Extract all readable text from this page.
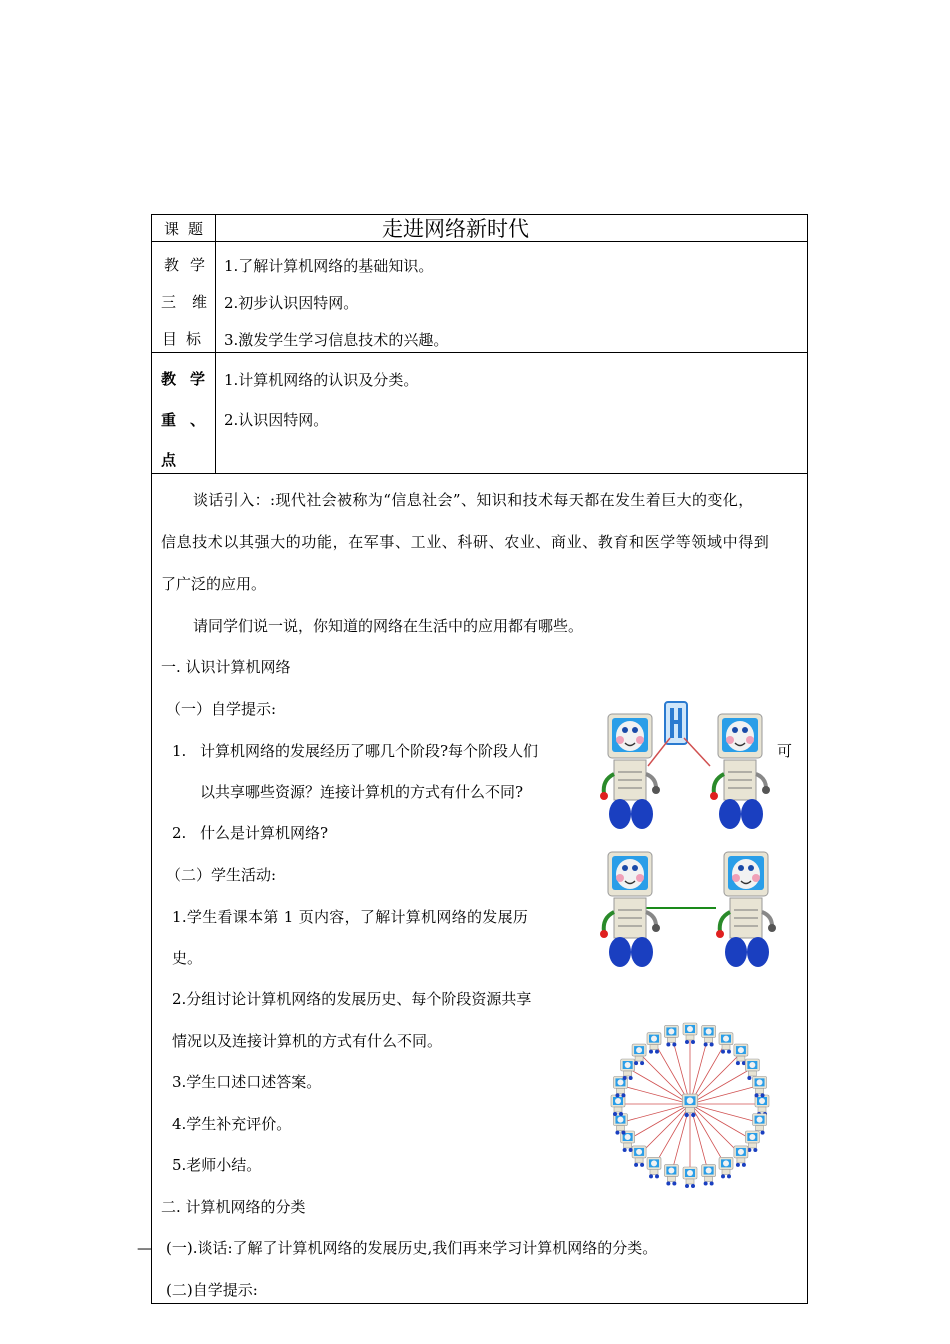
课 题	走进网络新时代
教 学
三 维
目 标
1.了解计算机网络的基础知识。
2.初步认识因特网。
3.激发学生学习信息技术的兴趣。
教 学
重 、
点
1.计算机网络的认识及分类。
2.认识因特网。
谈话引入：:现代社会被称为“信息社会”、知识和技术每天都在发生着巨大的变化，
信息技术以其强大的功能，在军事、工业、科研、农业、商业、教育和医学等领域中得到
了广泛的应用。
请同学们说一说，你知道的网络在生活中的应用都有哪些。
一. 认识计算机网络
（一）自学提示:
1. 计算机网络的发展经历了哪几个阶段?每个阶段人们	可
以共享哪些资源？连接计算机的方式有什么不同?
2. 什么是计算机网络?
（二）学生活动:
1.学生看课本第 1 页内容，了解计算机网络的发展历
史。
2.分组讨论计算机网络的发展历史、每个阶段资源共享
情况以及连接计算机的方式有什么不同。
3.学生口述口述答案。
4.学生补充评价。
5.老师小结。
二. 计算机网络的分类
— (一).谈话:了解了计算机网络的发展历史,我们再来学习计算机网络的分类。
(二)自学提示:
